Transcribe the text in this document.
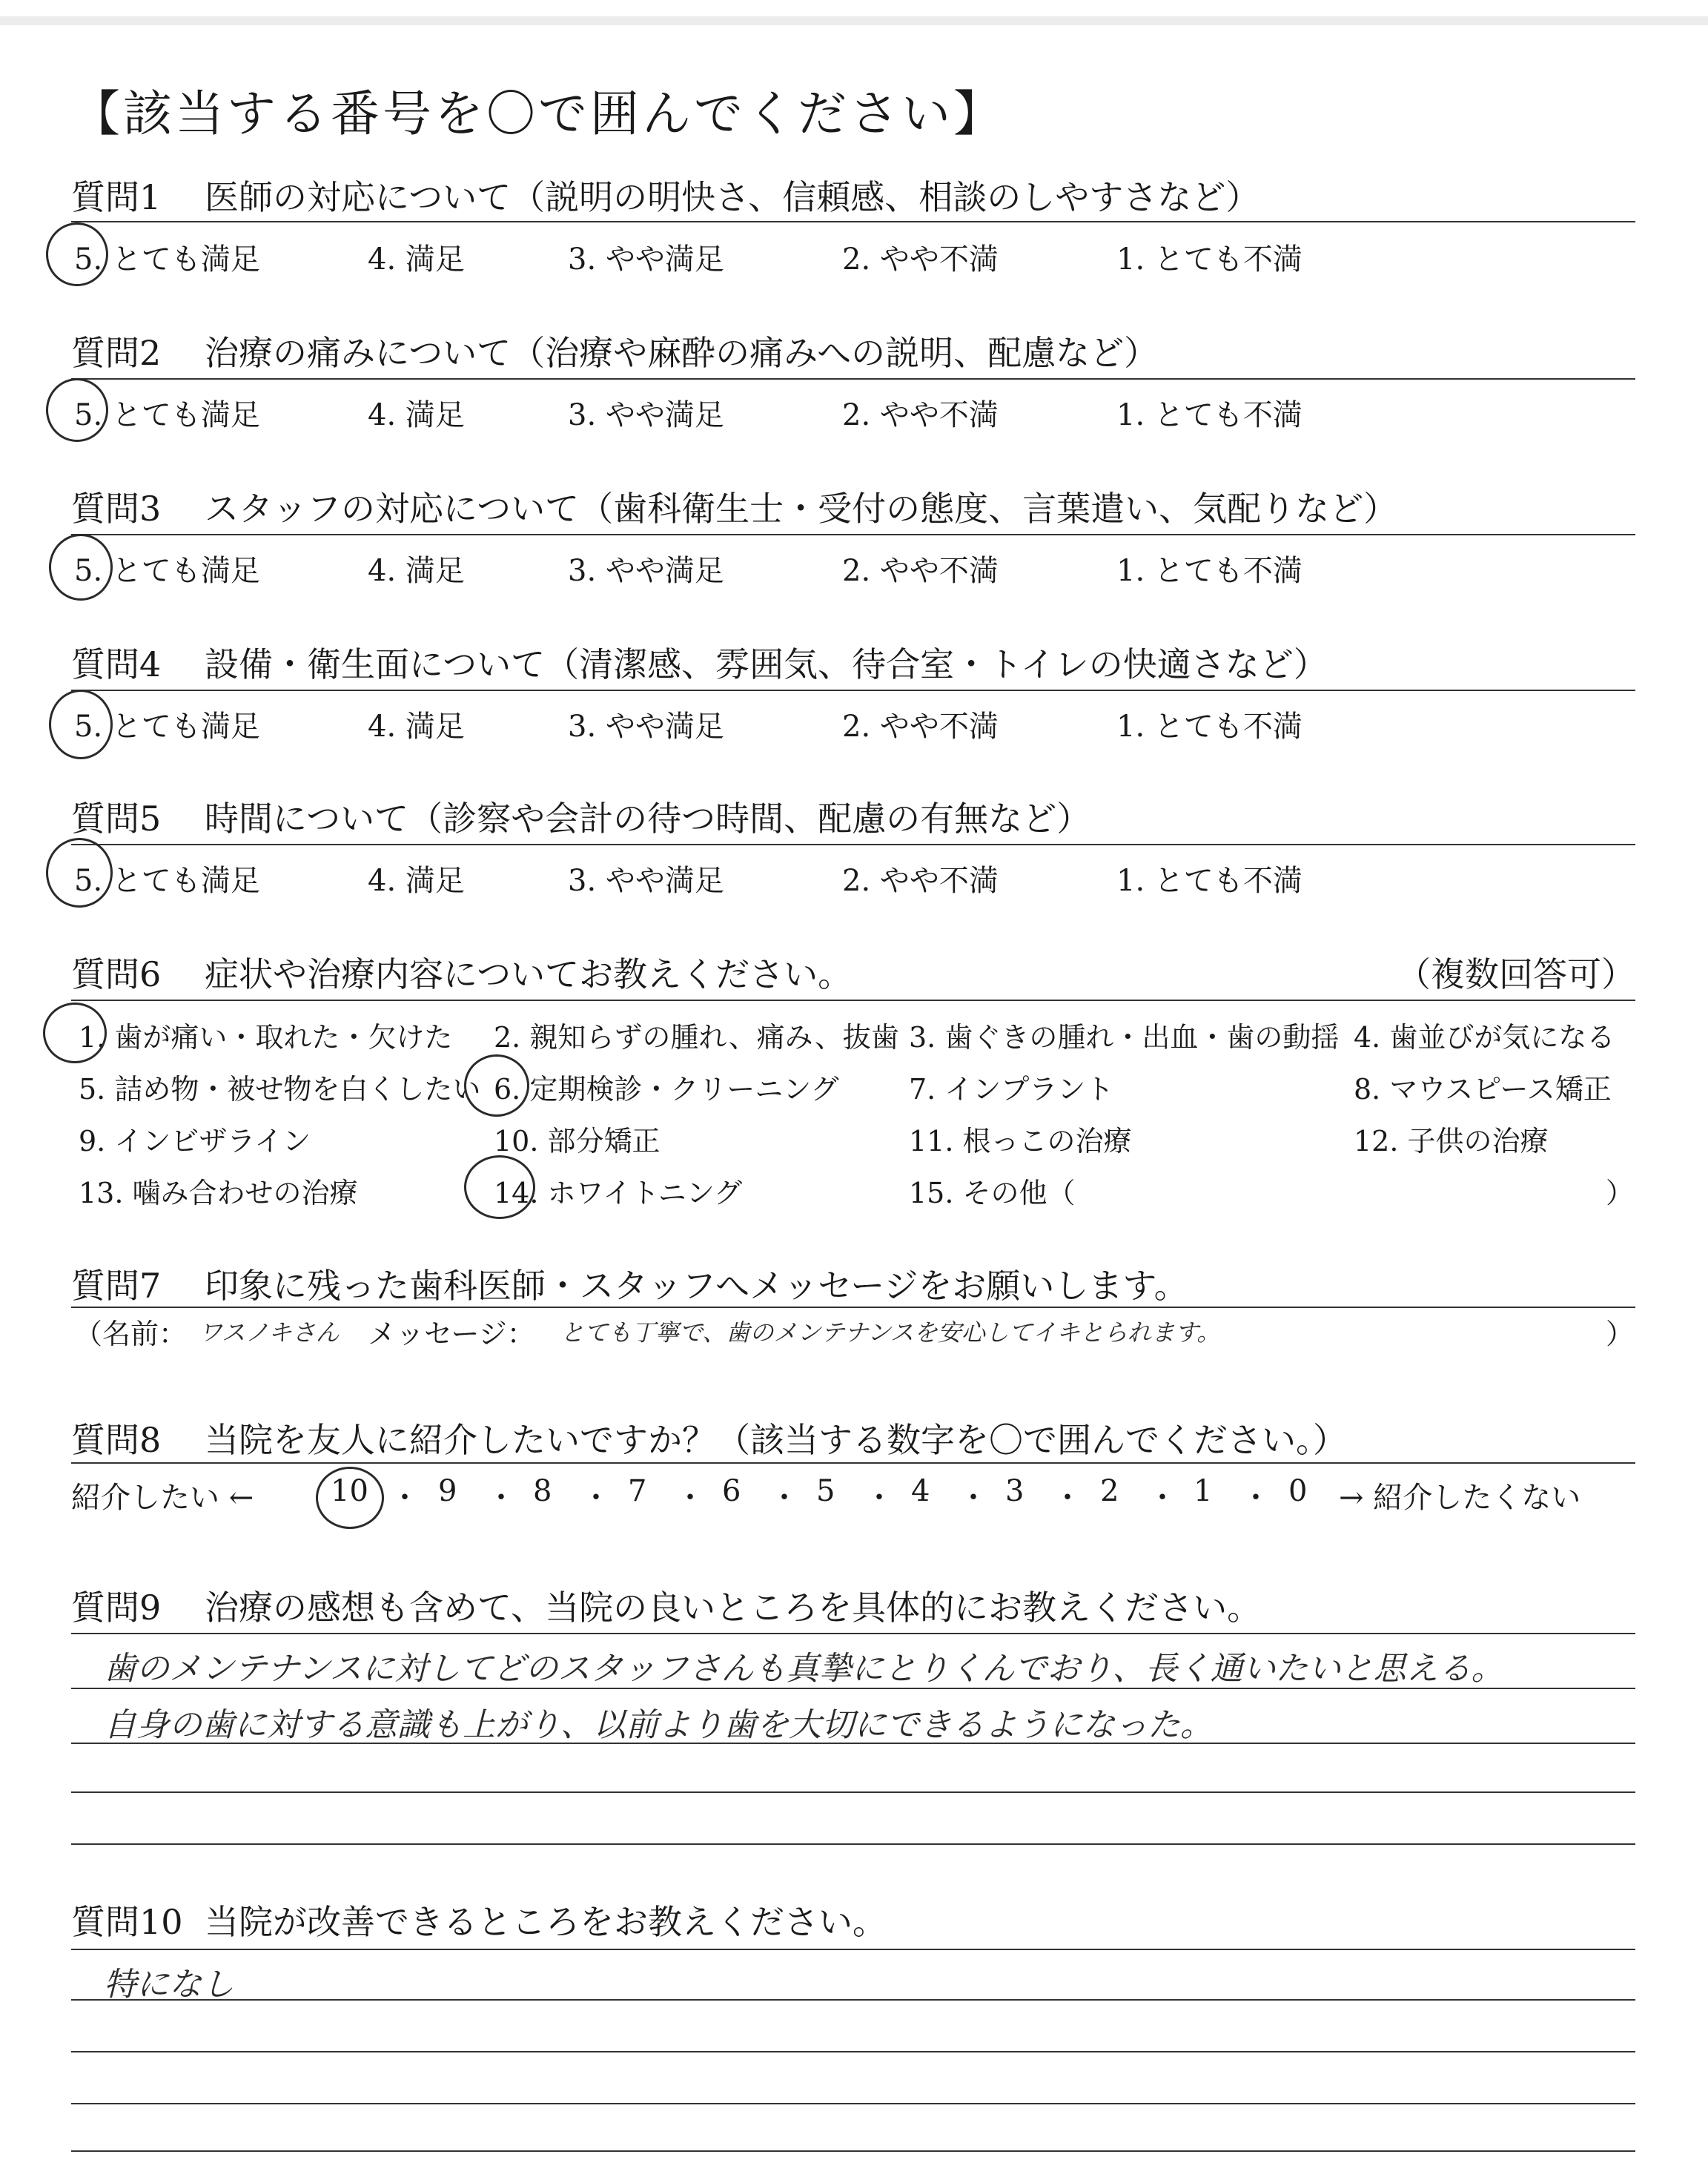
【該当する番号を〇で囲んでください】
質問1 医師の対応について（説明の明快さ、信頼感、相談のしやすさなど）
5. とても満足	4. 満足	3. やや満足	2. やや不満	1. とても不満
質問2 治療の痛みについて（治療や麻酔の痛みへの説明、配慮など）
5. とても満足	4. 満足	3. やや満足	2. やや不満	1. とても不満
質問3 スタッフの対応について（歯科衛生士・受付の態度、言葉遣い、気配りなど）
5. とても満足	4. 満足	3. やや満足	2. やや不満	1. とても不満
質問4 設備・衛生面について（清潔感、雰囲気、待合室・トイレの快適さなど）
5. とても満足	4. 満足	3. やや満足	2. やや不満	1. とても不満
質問5 時間について（診察や会計の待つ時間、配慮の有無など）
5. とても満足	4. 満足	3. やや満足	2. やや不満	1. とても不満
質問6 症状や治療内容についてお教えください。	（複数回答可）
1. 歯が痛い・取れた・欠けた 2. 親知らずの腫れ、痛み、抜歯 3. 歯ぐきの腫れ・出血・歯の動揺 4. 歯並びが気になる
5. 詰め物・被せ物を白くしたい 6. 定期検診・クリーニング 7. インプラント	8. マウスピース矯正
9. インビザライン	10. 部分矯正	11. 根っこの治療	12. 子供の治療
13. 噛み合わせの治療	14. ホワイトニング	15. その他（	）
質問7 印象に残った歯科医師・スタッフへメッセージをお願いします。
（名前： ワスノキさん メッセージ： とても丁寧で、歯のメンテナンスを安心してイキとられます。	）
質問8 当院を友人に紹介したいですか？（該当する数字を〇で囲んでください。）
紹介したい ←	10 ・ 9 ・ 8 ・ 7 ・ 6 ・ 5 ・ 4 ・ 3 ・ 2 ・ 1 ・ 0 → 紹介したくない
質問9 治療の感想も含めて、当院の良いところを具体的にお教えください。
歯のメンテナンスに対してどのスタッフさんも真摯にとりくんでおり、長く通いたいと思える。
自身の歯に対する意識も上がり、以前より歯を大切にできるようになった。
質問10 当院が改善できるところをお教えください。
特になし
